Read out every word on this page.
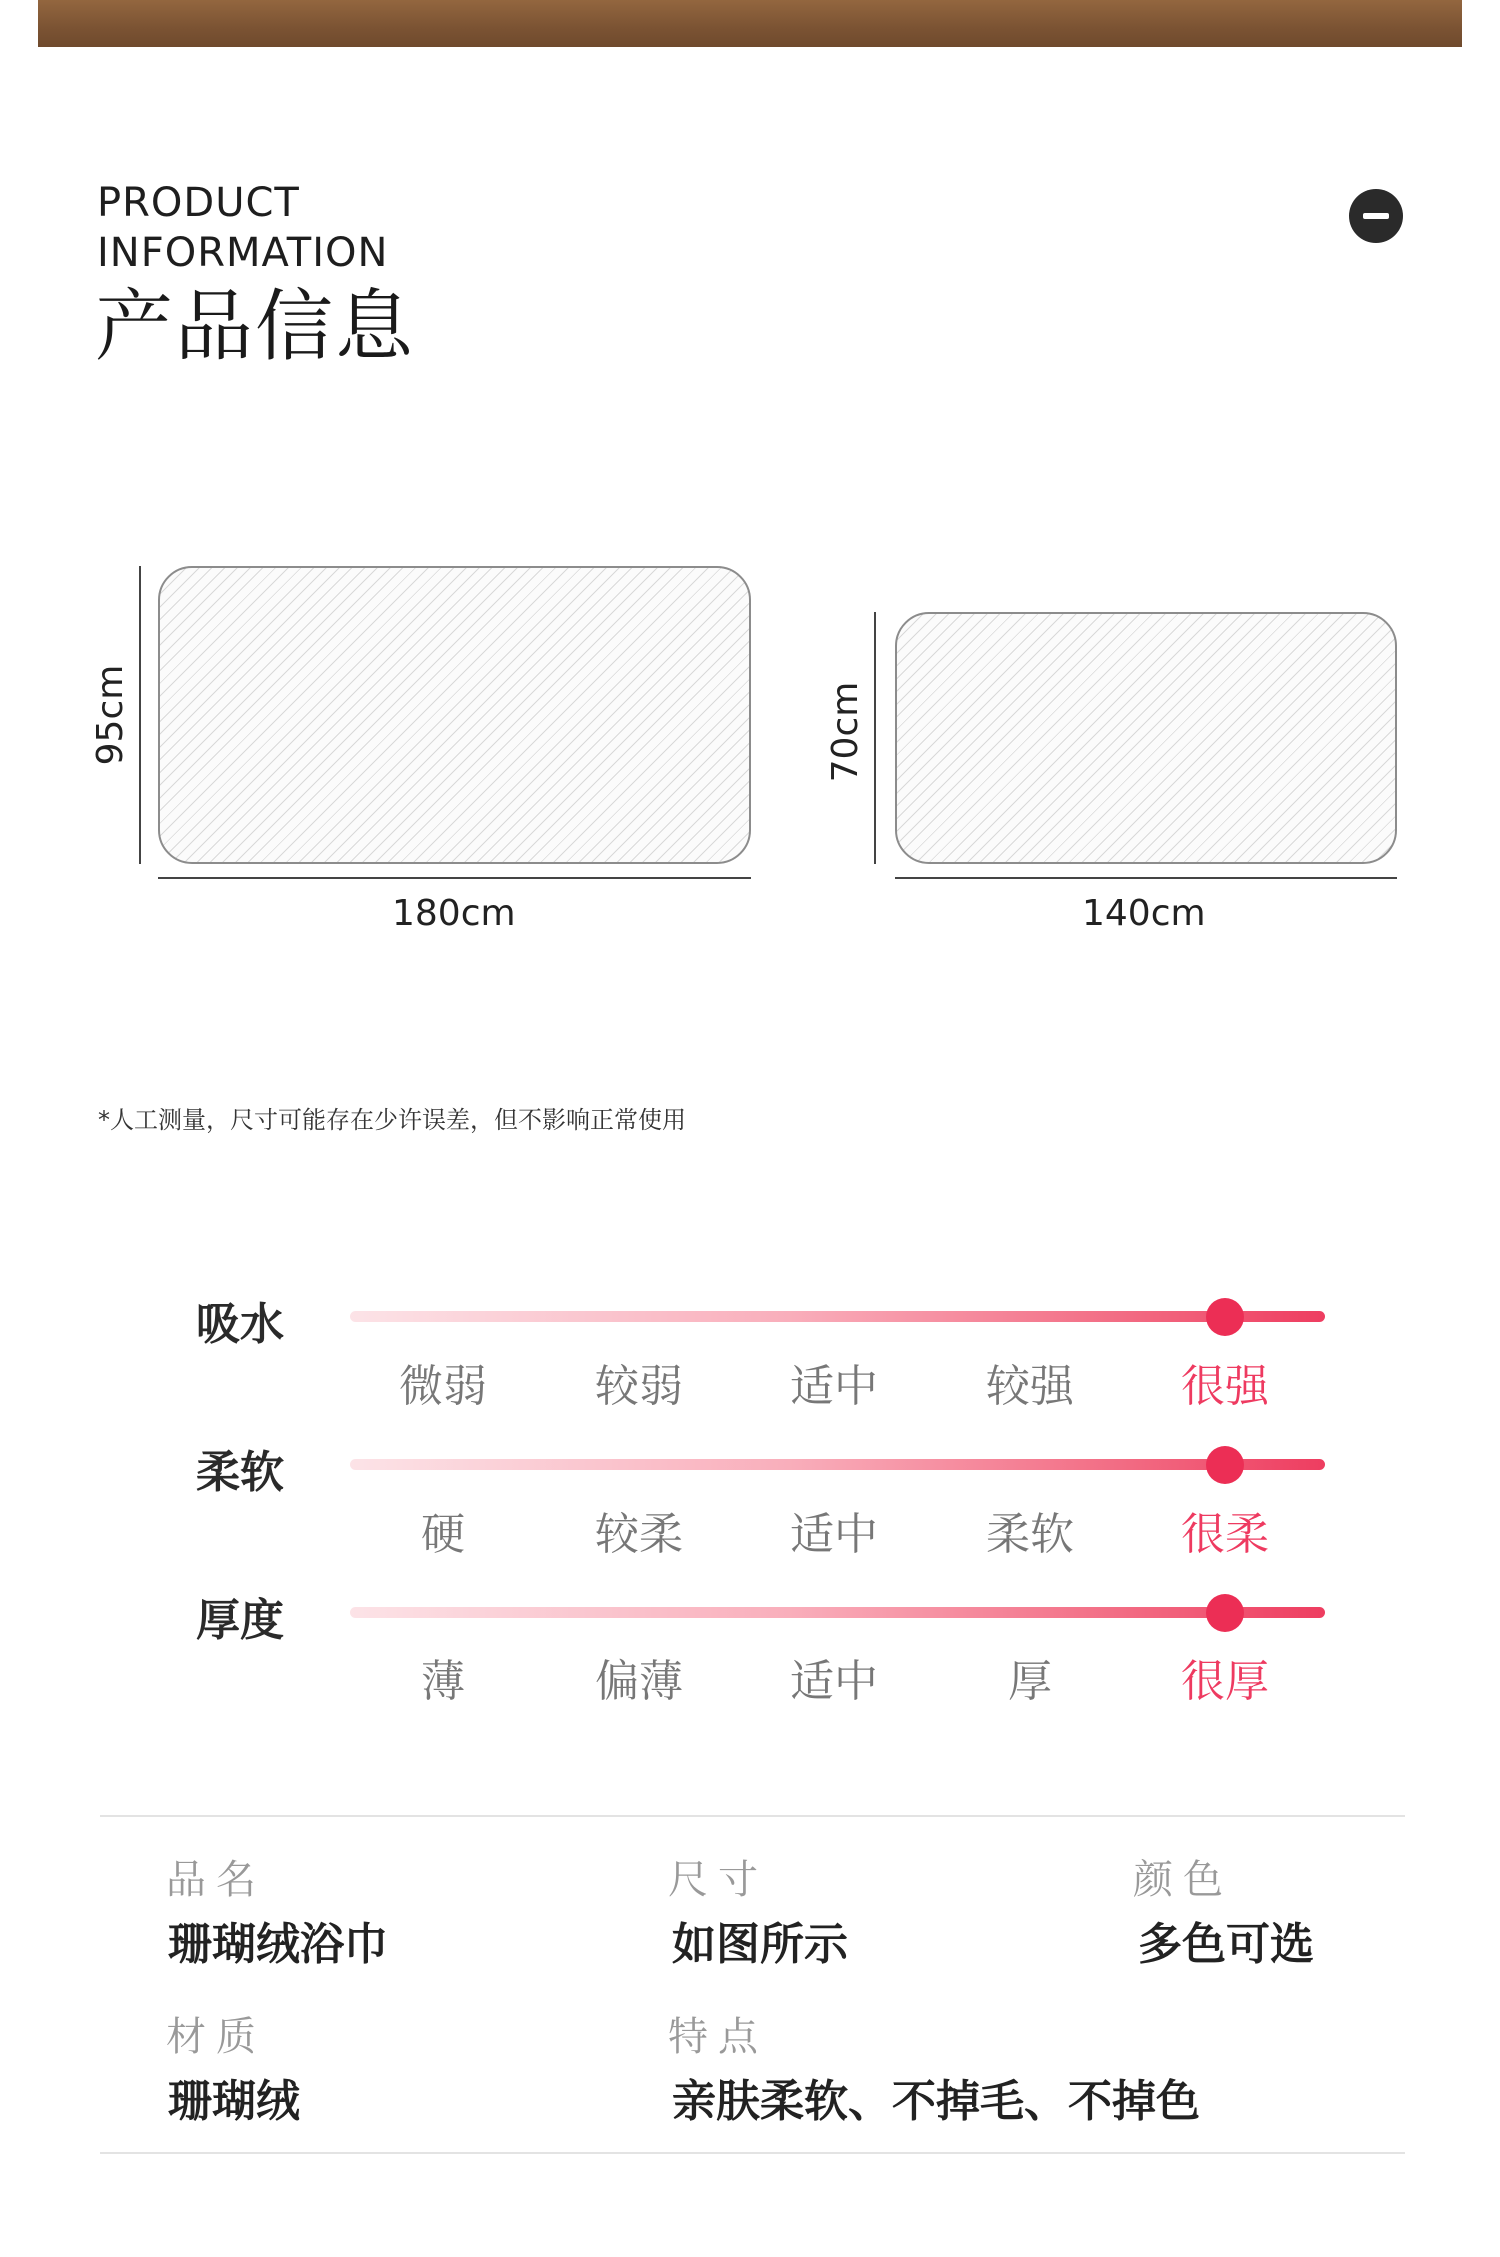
PRODUCT
INFORMATION
产品信息
95cm
180cm
70cm
140cm
*人工测量，尺寸可能存在少许误差，但不影响正常使用
吸水
微弱	较弱	适中	较强	很强
柔软
硬	较柔	适中	柔软	很柔
厚度
薄	偏薄	适中	厚	很厚
品名
珊瑚绒浴巾
尺寸
如图所示
颜色
多色可选
材质
珊瑚绒
特点
亲肤柔软、不掉毛、不掉色
